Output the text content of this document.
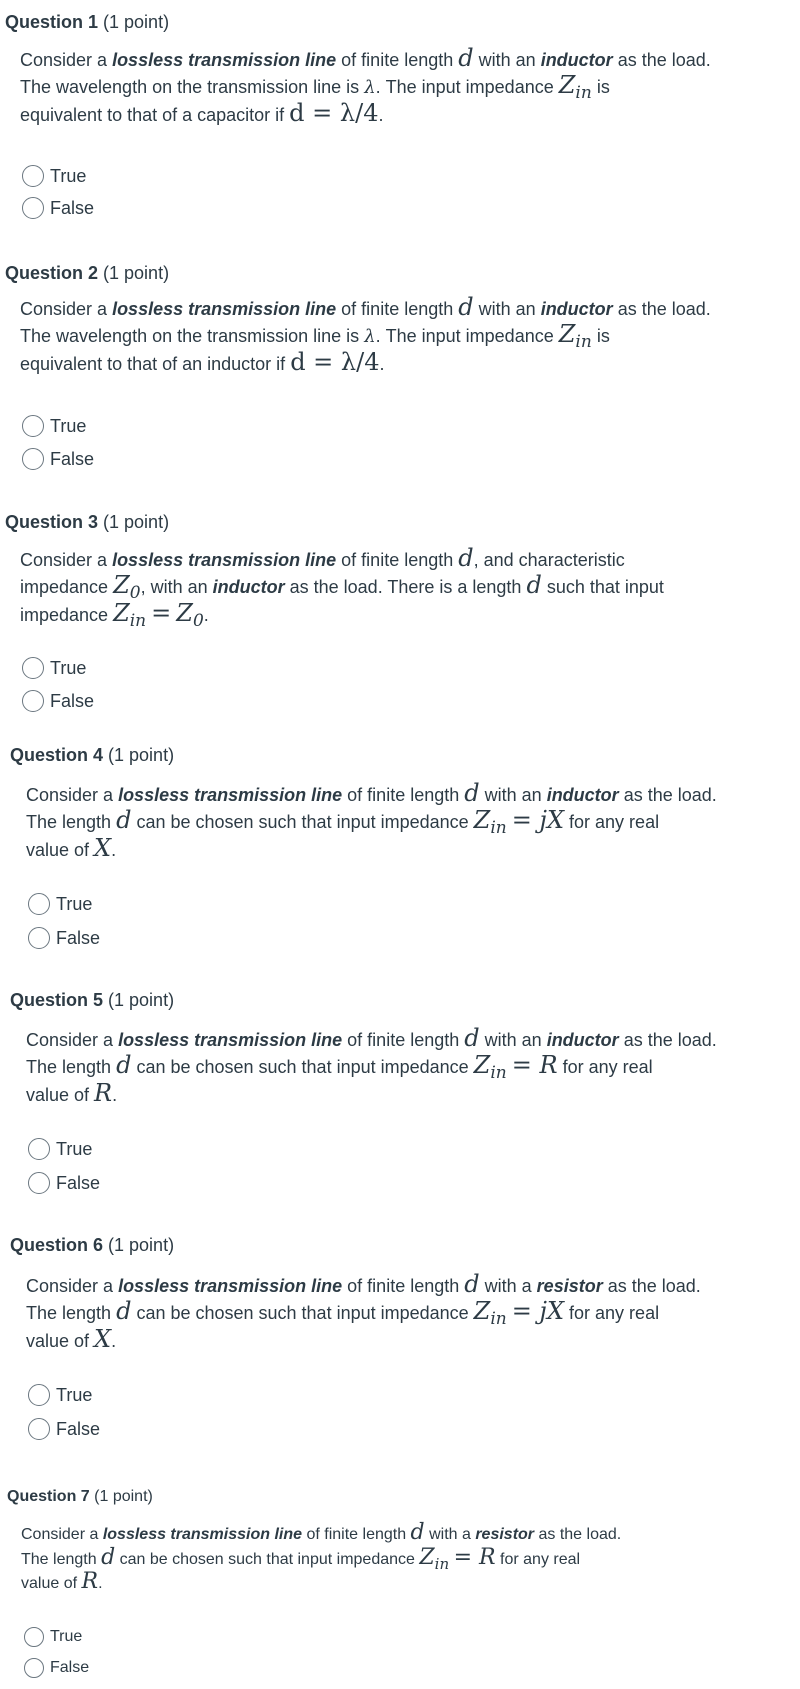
Question 1 (1 point)
Consider a lossless transmission line of finite length d with an inductor as the load.
The wavelength on the transmission line is λ. The input impedance Zin is
equivalent to that of a capacitor if d = λ/4.
True
False
Question 2 (1 point)
Consider a lossless transmission line of finite length d with an inductor as the load.
The wavelength on the transmission line is λ. The input impedance Zin is
equivalent to that of an inductor if d = λ/4.
True
False
Question 3 (1 point)
Consider a lossless transmission line of finite length d, and characteristic
impedance Z0, with an inductor as the load. There is a length d such that input
impedance Zin = Z0.
True
False
Question 4 (1 point)
Consider a lossless transmission line of finite length d with an inductor as the load.
The length d can be chosen such that input impedance Zin = jX for any real
value of X.
True
False
Question 5 (1 point)
Consider a lossless transmission line of finite length d with an inductor as the load.
The length d can be chosen such that input impedance Zin = R for any real
value of R.
True
False
Question 6 (1 point)
Consider a lossless transmission line of finite length d with a resistor as the load.
The length d can be chosen such that input impedance Zin = jX for any real
value of X.
True
False
Question 7 (1 point)
Consider a lossless transmission line of finite length d with a resistor as the load.
The length d can be chosen such that input impedance Zin = R for any real
value of R.
True
False
